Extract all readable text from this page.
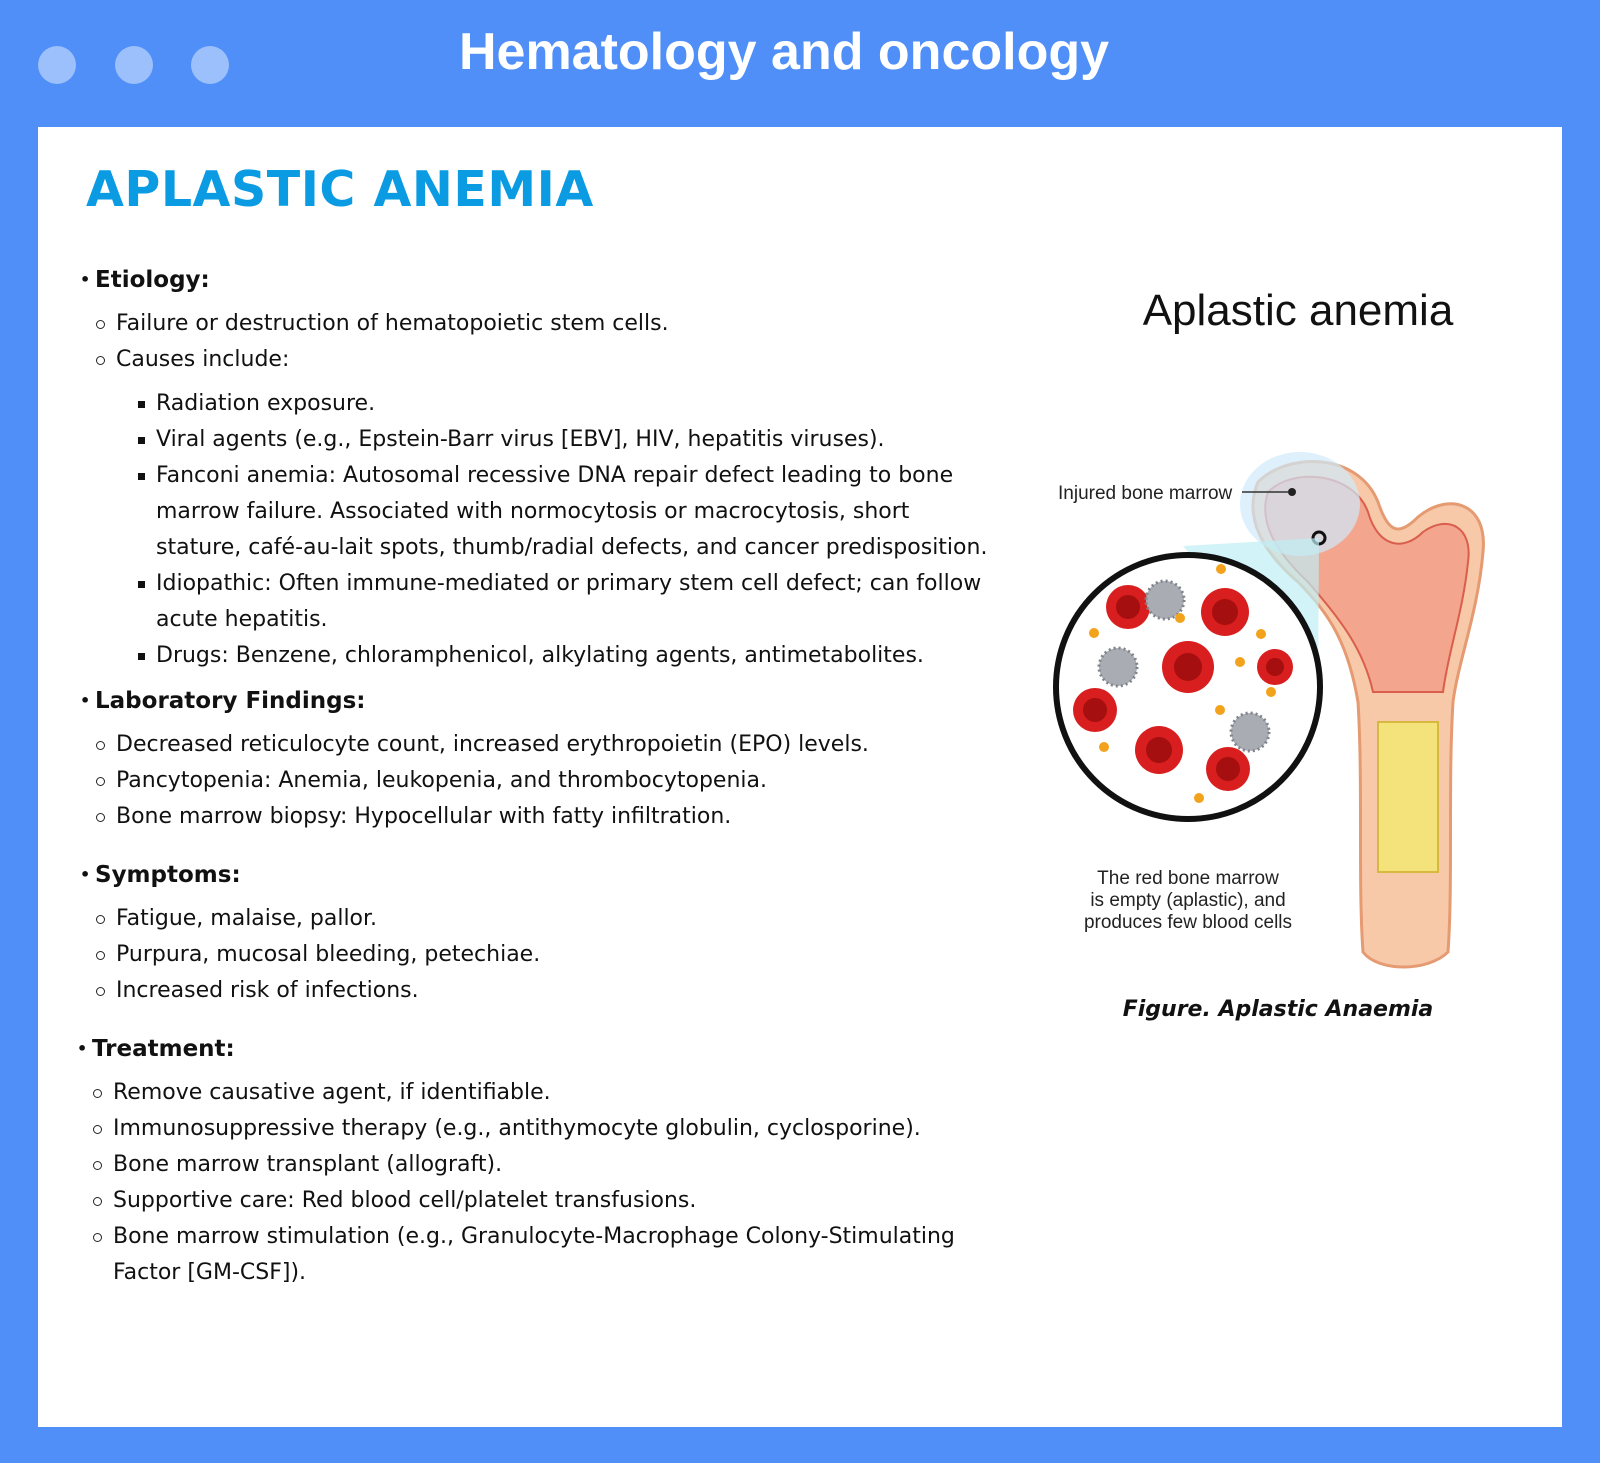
Hematology and oncology
APLASTIC ANEMIA
• Etiology:
Failure or destruction of hematopoietic stem cells.
Causes include:
Radiation exposure.
Viral agents (e.g., Epstein-Barr virus [EBV], HIV, hepatitis viruses).
Fanconi anemia: Autosomal recessive DNA repair defect leading to bone marrow failure. Associated with normocytosis or macrocytosis, short stature, café-au-lait spots, thumb/radial defects, and cancer predisposition.
Idiopathic: Often immune-mediated or primary stem cell defect; can follow acute hepatitis.
Drugs: Benzene, chloramphenicol, alkylating agents, antimetabolites.
• Laboratory Findings:
Decreased reticulocyte count, increased erythropoietin (EPO) levels.
Pancytopenia: Anemia, leukopenia, and thrombocytopenia.
Bone marrow biopsy: Hypocellular with fatty infiltration.
• Symptoms:
Fatigue, malaise, pallor.
Purpura, mucosal bleeding, petechiae.
Increased risk of infections.
• Treatment:
Remove causative agent, if identifiable.
Immunosuppressive therapy (e.g., antithymocyte globulin, cyclosporine).
Bone marrow transplant (allograft).
Supportive care: Red blood cell/platelet transfusions.
Bone marrow stimulation (e.g., Granulocyte-Macrophage Colony-Stimulating Factor [GM-CSF]).
Aplastic anemia
Injured bone marrow
The red bone marrow
is empty (aplastic), and
produces few blood cells
Figure. Aplastic Anaemia
